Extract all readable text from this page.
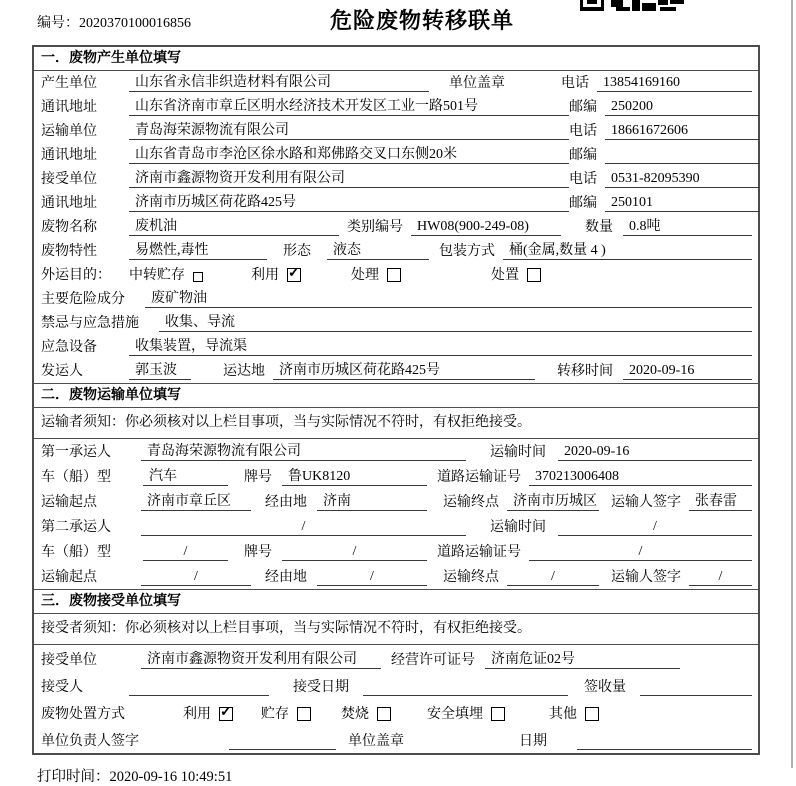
编号：2020370100016856	危险废物转移联单
一．废物产生单位填写
产生单位	山东省永信非织造材料有限公司	单位盖章	电话	13854169160
通讯地址	山东省济南市章丘区明水经济技术开发区工业一路501号	邮编	250200
运输单位	青岛海荣源物流有限公司	电话	18661672606
通讯地址	山东省青岛市李沧区徐水路和郑佛路交叉口东侧20米	邮编
接受单位	济南市鑫源物资开发利用有限公司	电话	0531-82095390
通讯地址	济南市历城区荷花路425号	邮编	250101
废物名称	废机油	类别编号	HW08(900-249-08)	数量	0.8吨
废物特性	易燃性,毒性	形态	液态	包装方式	桶(金属,数量 4 )
外运目的：	中转贮存	利用 ✓	处理	处置
主要危险成分	废矿物油
禁忌与应急措施	收集、导流
应急设备	收集装置，导流渠
发运人	郭玉波	运达地	济南市历城区荷花路425号	转移时间	2020-09-16
二．废物运输单位填写
运输者须知：你必须核对以上栏目事项，当与实际情况不符时，有权拒绝接受。
第一承运人	青岛海荣源物流有限公司	运输时间	2020-09-16
车（船）型	汽车	牌号	鲁UK8120	道路运输证号	370213006408
运输起点	济南市章丘区	经由地	济南	运输终点	济南市历城区 运输人签字	张春雷
第二承运人	/	运输时间	/
车（船）型	/	牌号	/	道路运输证号	/
运输起点	/	经由地	/	运输终点	/	运输人签字	/
三．废物接受单位填写
接受者须知：你必须核对以上栏目事项，当与实际情况不符时，有权拒绝接受。
接受单位	济南市鑫源物资开发利用有限公司	经营许可证号	济南危证02号
接受人	接受日期	签收量
废物处置方式	利用 ✓	贮存	焚烧	安全填埋	其他
单位负责人签字	单位盖章	日期
打印时间：2020-09-16 10:49:51
